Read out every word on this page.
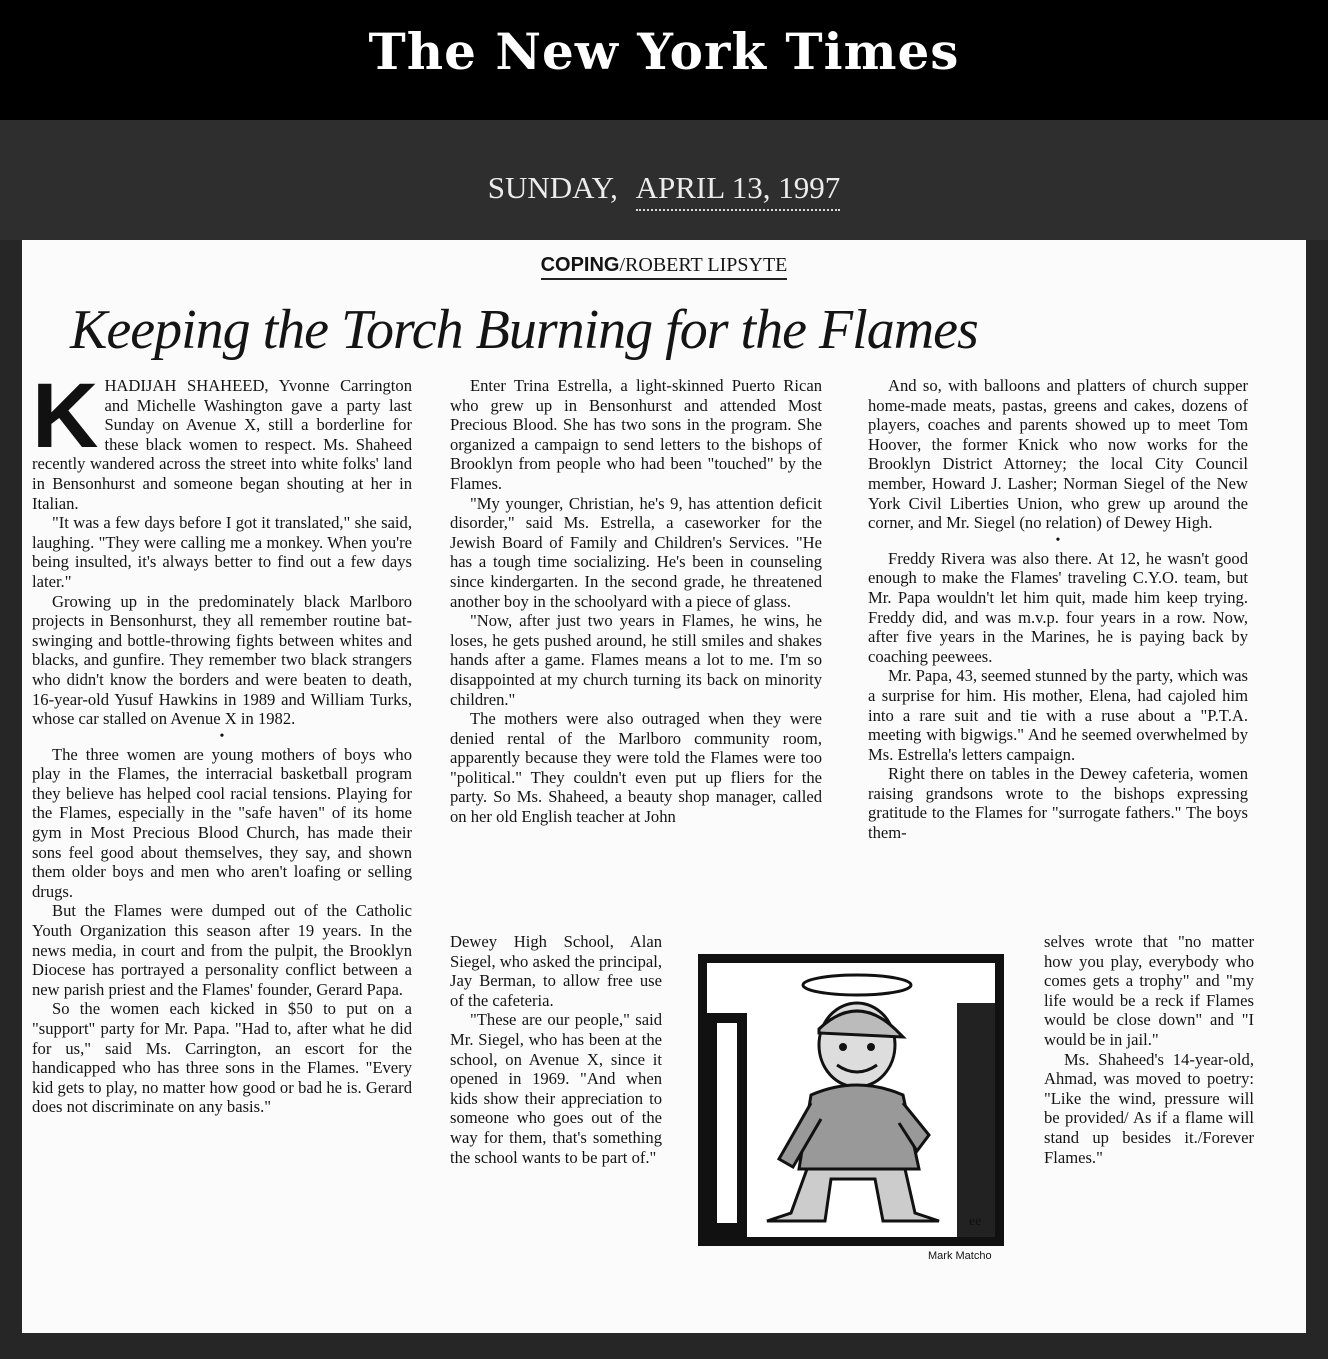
The New York Times
SUNDAY, APRIL 13, 1997
COPING/ROBERT LIPSYTE
Keeping the Torch Burning for the Flames

KHADIJAH SHAHEED, Yvonne Carrington and Michelle Washington gave a party last Sunday on Avenue X, still a borderline for these black women to respect. Ms. Shaheed recently wandered across the street into white folks' land in Bensonhurst and someone began shouting at her in Italian.

"It was a few days before I got it translated," she said, laughing. "They were calling me a monkey. When you're being insulted, it's always better to find out a few days later."

Growing up in the predominately black Marlboro projects in Bensonhurst, they all remember routine bat-swinging and bottle-throwing fights between whites and blacks, and gunfire. They remember two black strangers who didn't know the borders and were beaten to death, 16-year-old Yusuf Hawkins in 1989 and William Turks, whose car stalled on Avenue X in 1982.

•

The three women are young mothers of boys who play in the Flames, the interracial basketball program they believe has helped cool racial tensions. Playing for the Flames, especially in the "safe haven" of its home gym in Most Precious Blood Church, has made their sons feel good about themselves, they say, and shown them older boys and men who aren't loafing or selling drugs.

But the Flames were dumped out of the Catholic Youth Organization this season after 19 years. In the news media, in court and from the pulpit, the Brooklyn Diocese has portrayed a personality conflict between a new parish priest and the Flames' founder, Gerard Papa.

So the women each kicked in $50 to put on a "support" party for Mr. Papa. "Had to, after what he did for us," said Ms. Carrington, an escort for the handicapped who has three sons in the Flames. "Every kid gets to play, no matter how good or bad he is. Gerard does not discriminate on any basis."

Enter Trina Estrella, a light-skinned Puerto Rican who grew up in Bensonhurst and attended Most Precious Blood. She has two sons in the program. She organized a campaign to send letters to the bishops of Brooklyn from people who had been "touched" by the Flames.

"My younger, Christian, he's 9, has attention deficit disorder," said Ms. Estrella, a caseworker for the Jewish Board of Family and Children's Services. "He has a tough time socializing. He's been in counseling since kindergarten. In the second grade, he threatened another boy in the schoolyard with a piece of glass.

"Now, after just two years in Flames, he wins, he loses, he gets pushed around, he still smiles and shakes hands after a game. Flames means a lot to me. I'm so disappointed at my church turning its back on minority children."

The mothers were also outraged when they were denied rental of the Marlboro community room, apparently because they were told the Flames were too "political." They couldn't even put up fliers for the party. So Ms. Shaheed, a beauty shop manager, called on her old English teacher at John

Dewey High School, Alan Siegel, who asked the principal, Jay Berman, to allow free use of the cafeteria.

"These are our people," said Mr. Siegel, who has been at the school, on Avenue X, since it opened in 1969. "And when kids show their appreciation to someone who goes out of the way for them, that's something the school wants to be part of."

And so, with balloons and platters of church supper home-made meats, pastas, greens and cakes, dozens of players, coaches and parents showed up to meet Tom Hoover, the former Knick who now works for the Brooklyn District Attorney; the local City Council member, Howard J. Lasher; Norman Siegel of the New York Civil Liberties Union, who grew up around the corner, and Mr. Siegel (no relation) of Dewey High.

•

Freddy Rivera was also there. At 12, he wasn't good enough to make the Flames' traveling C.Y.O. team, but Mr. Papa wouldn't let him quit, made him keep trying. Freddy did, and was m.v.p. four years in a row. Now, after five years in the Marines, he is paying back by coaching peewees.

Mr. Papa, 43, seemed stunned by the party, which was a surprise for him. His mother, Elena, had cajoled him into a rare suit and tie with a ruse about a "P.T.A. meeting with bigwigs." And he seemed overwhelmed by Ms. Estrella's letters campaign.

Right there on tables in the Dewey cafeteria, women raising grandsons wrote to the bishops expressing gratitude to the Flames for "surrogate fathers." The boys them-

selves wrote that "no matter how you play, everybody who comes gets a trophy" and "my life would be a reck if Flames would be close down" and "I would be in jail."

Ms. Shaheed's 14-year-old, Ahmad, was moved to poetry: "Like the wind, pressure will be provided/ As if a flame will stand up besides it./Forever Flames."

ee
Mark Matcho
